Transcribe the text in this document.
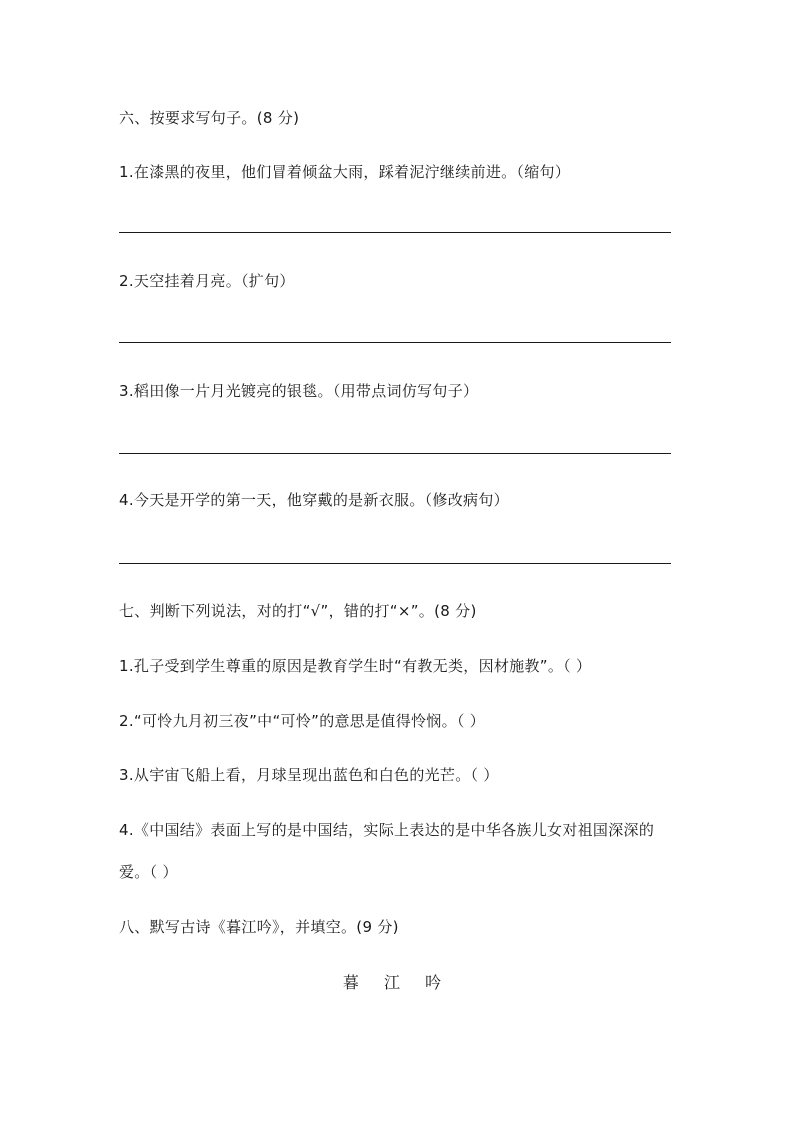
六、按要求写句子。(8 分)
1.在漆黑的夜里，他们冒着倾盆大雨，踩着泥泞继续前进。（缩句）
2.天空挂着月亮。（扩句）
3.稻田像一片月光镀亮的银毯。（用带点词仿写句子）
4.今天是开学的第一天，他穿戴的是新衣服。（修改病句）
七、判断下列说法，对的打“√”，错的打“×”。(8 分)
1.孔子受到学生尊重的原因是教育学生时“有教无类，因材施教”。（ ）
2.“可怜九月初三夜”中“可怜”的意思是值得怜悯。（ ）
3.从宇宙飞船上看，月球呈现出蓝色和白色的光芒。（ ）
4.《中国结》表面上写的是中国结，实际上表达的是中华各族儿女对祖国深深的
爱。（ ）
八、默写古诗《暮江吟》，并填空。(9 分)
暮 江 吟
